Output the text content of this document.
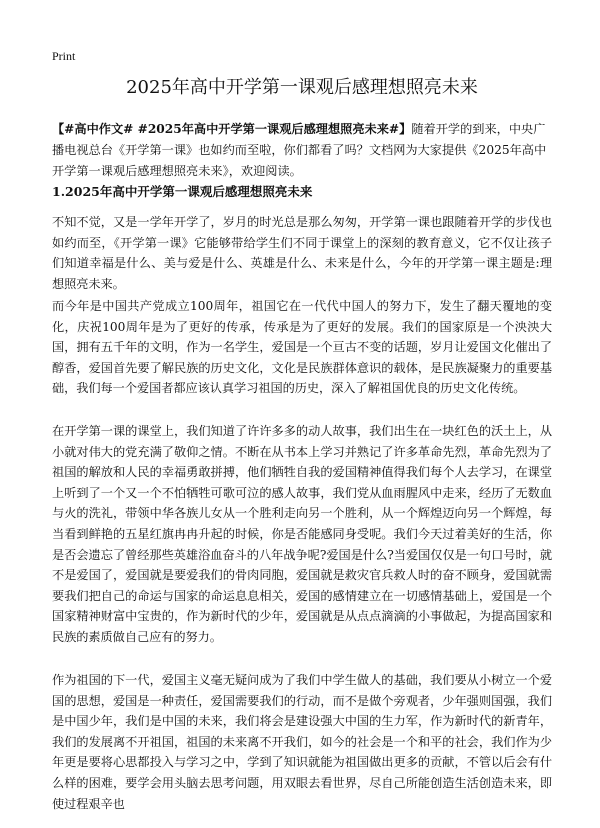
Print
2025年高中开学第一课观后感理想照亮未来

【#高中作文# #2025年高中开学第一课观后感理想照亮未来#】随着开学的到来，中央广播电视总台《开学第一课》也如约而至啦，你们都看了吗？文档网为大家提供《2025年高中开学第一课观后感理想照亮未来》，欢迎阅读。

1.2025年高中开学第一课观后感理想照亮未来

不知不觉，又是一学年开学了，岁月的时光总是那么匆匆，开学第一课也跟随着开学的步伐也如约而至，《开学第一课》它能够带给学生们不同于课堂上的深刻的教育意义，它不仅让孩子们知道幸福是什么、美与爱是什么、英雄是什么、未来是什么，今年的开学第一课主题是:理想照亮未来。

而今年是中国共产党成立100周年，祖国它在一代代中国人的努力下，发生了翻天覆地的变化，庆祝100周年是为了更好的传承，传承是为了更好的发展。我们的国家原是一个泱泱大国，拥有五千年的文明，作为一名学生，爱国是一个亘古不变的话题，岁月让爱国文化催出了醇香，爱国首先要了解民族的历史文化，文化是民族群体意识的载体，是民族凝聚力的重要基础，我们每一个爱国者都应该认真学习祖国的历史，深入了解祖国优良的历史文化传统。

在开学第一课的课堂上，我们知道了许许多多的动人故事，我们出生在一块红色的沃土上，从小就对伟大的党充满了敬仰之情。不断在从书本上学习并熟记了许多革命先烈，革命先烈为了祖国的解放和人民的幸福勇敢拼搏，他们牺牲自我的爱国精神值得我们每个人去学习，在课堂上听到了一个又一个不怕牺牲可歌可泣的感人故事，我们党从血雨腥风中走来，经历了无数血与火的洗礼，带领中华各族儿女从一个胜利走向另一个胜利，从一个辉煌迈向另一个辉煌，每当看到鲜艳的五星红旗冉冉升起的时候，你是否能感同身受呢。我们今天过着美好的生活，你是否会遗忘了曾经那些英雄浴血奋斗的八年战争呢?爱国是什么?当爱国仅仅是一句口号时，就不是爱国了，爱国就是要爱我们的骨肉同胞，爱国就是救灾官兵救人时的奋不顾身，爱国就需要我们把自己的命运与国家的命运息息相关，爱国的感情建立在一切感情基础上，爱国是一个国家精神财富中宝贵的，作为新时代的少年，爱国就是从点点滴滴的小事做起，为提高国家和民族的素质做自己应有的努力。

作为祖国的下一代，爱国主义毫无疑问成为了我们中学生做人的基础，我们要从小树立一个爱国的思想，爱国是一种责任，爱国需要我们的行动，而不是做个旁观者，少年强则国强，我们是中国少年，我们是中国的未来，我们将会是建设强大中国的生力军，作为新时代的新青年，我们的发展离不开祖国，祖国的未来离不开我们，如今的社会是一个和平的社会，我们作为少年更是要将心思都投入与学习之中，学到了知识就能为祖国做出更多的贡献，不管以后会有什么样的困难，要学会用头脑去思考问题，用双眼去看世界，尽自己所能创造生活创造未来，即使过程艰辛也
